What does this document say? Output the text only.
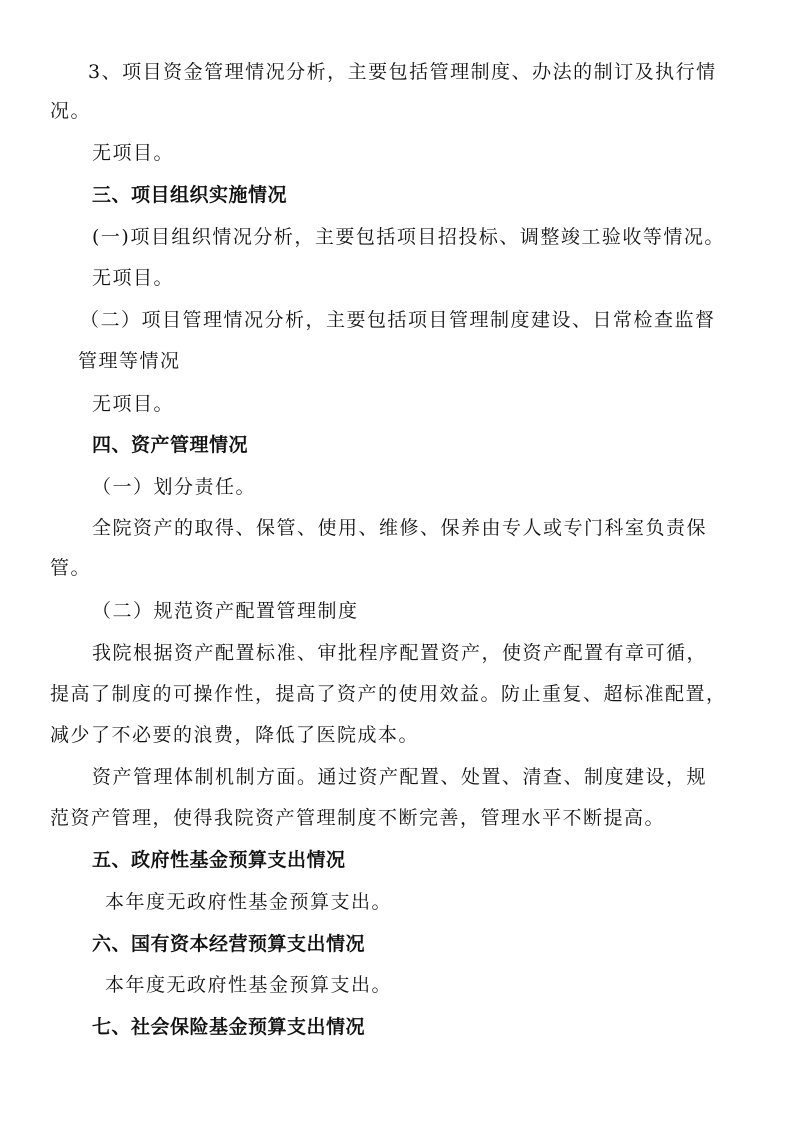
3、项目资金管理情况分析，主要包括管理制度、办法的制订及执行情
况。
无项目。
三、项目组织实施情况
(一)项目组织情况分析，主要包括项目招投标、调整竣工验收等情况。
无项目。
（二）项目管理情况分析，主要包括项目管理制度建设、日常检查监督
管理等情况
无项目。
四、资产管理情况
（一）划分责任。
全院资产的取得、保管、使用、维修、保养由专人或专门科室负责保
管。
（二）规范资产配置管理制度
我院根据资产配置标准、审批程序配置资产，使资产配置有章可循，
提高了制度的可操作性，提高了资产的使用效益。防止重复、超标准配置，
减少了不必要的浪费，降低了医院成本。
资产管理体制机制方面。通过资产配置、处置、清查、制度建设，规
范资产管理，使得我院资产管理制度不断完善，管理水平不断提高。
五、政府性基金预算支出情况
本年度无政府性基金预算支出。
六、国有资本经营预算支出情况
本年度无政府性基金预算支出。
七、社会保险基金预算支出情况
